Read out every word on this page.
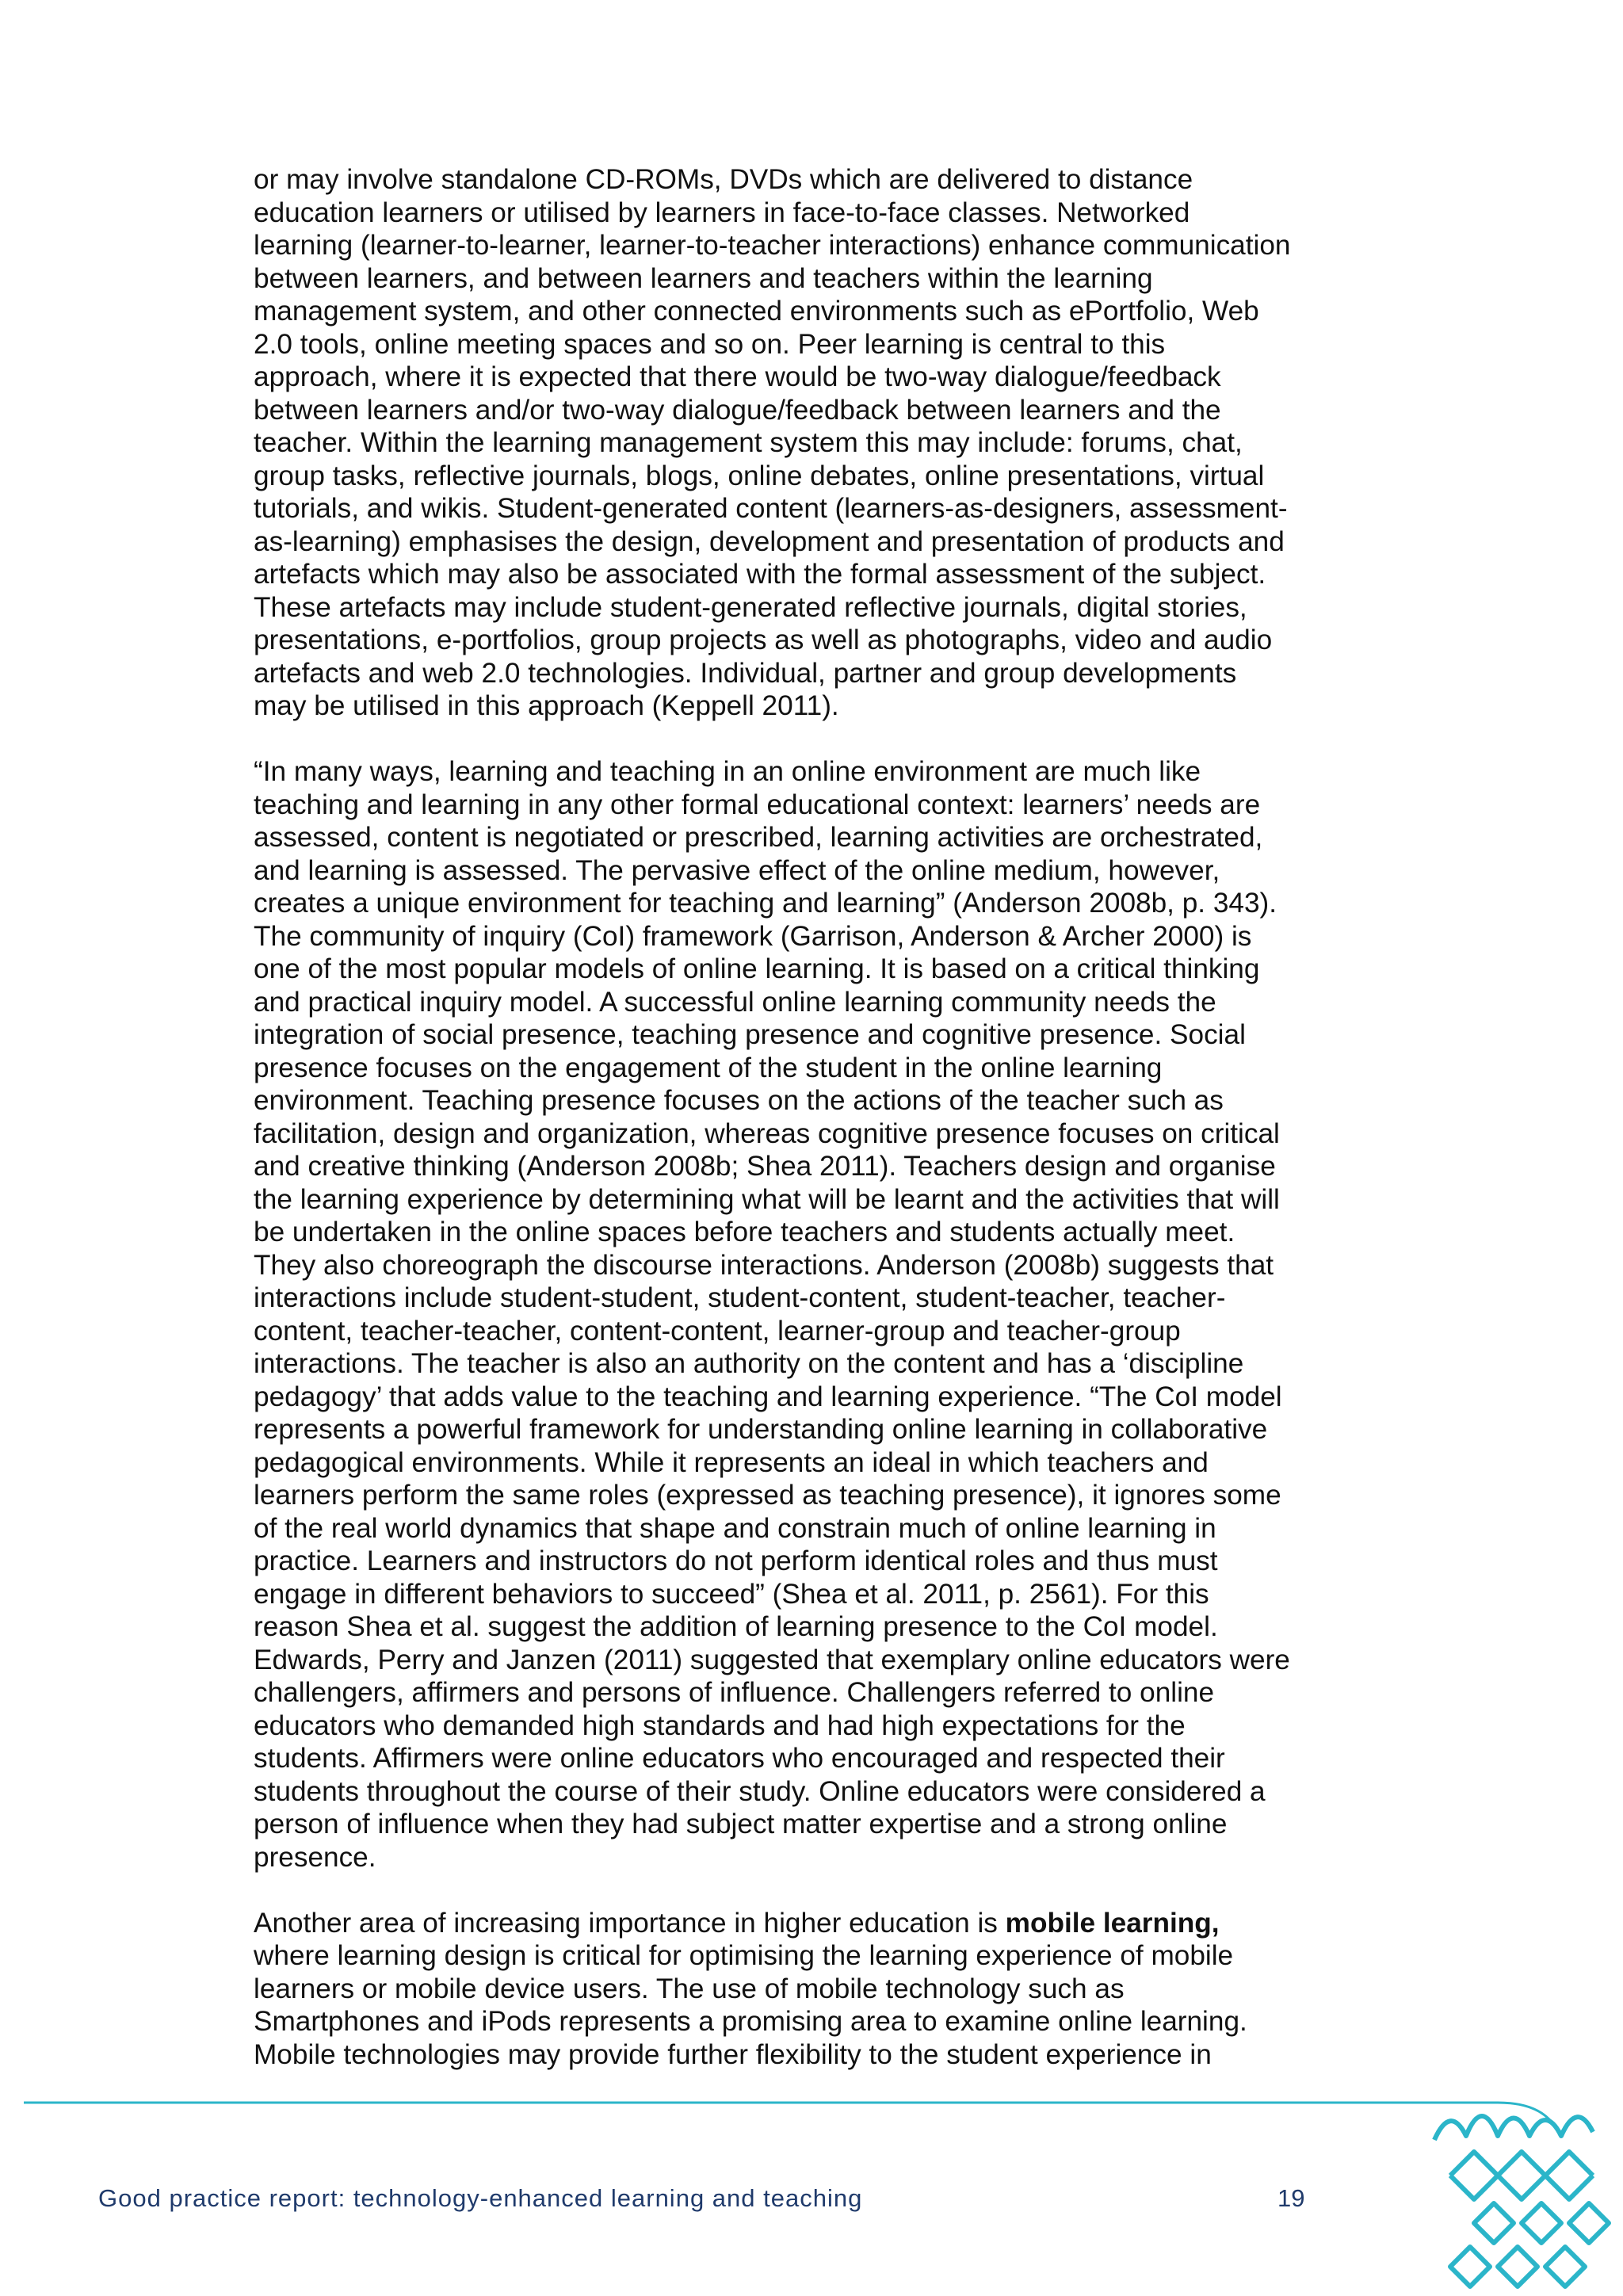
or may involve standalone CD-ROMs, DVDs which are delivered to distance
education learners or utilised by learners in face-to-face classes. Networked
learning (learner-to-learner, learner-to-teacher interactions) enhance communication
between learners, and between learners and teachers within the learning
management system, and other connected environments such as ePortfolio, Web
2.0 tools, online meeting spaces and so on. Peer learning is central to this
approach, where it is expected that there would be two-way dialogue/feedback
between learners and/or two-way dialogue/feedback between learners and the
teacher. Within the learning management system this may include: forums, chat,
group tasks, reflective journals, blogs, online debates, online presentations, virtual
tutorials, and wikis. Student-generated content (learners-as-designers, assessment-
as-learning) emphasises the design, development and presentation of products and
artefacts which may also be associated with the formal assessment of the subject.
These artefacts may include student-generated reflective journals, digital stories,
presentations, e-portfolios, group projects as well as photographs, video and audio
artefacts and web 2.0 technologies. Individual, partner and group developments
may be utilised in this approach (Keppell 2011).

“In many ways, learning and teaching in an online environment are much like
teaching and learning in any other formal educational context: learners’ needs are
assessed, content is negotiated or prescribed, learning activities are orchestrated,
and learning is assessed. The pervasive effect of the online medium, however,
creates a unique environment for teaching and learning” (Anderson 2008b, p. 343).
The community of inquiry (CoI) framework (Garrison, Anderson & Archer 2000) is
one of the most popular models of online learning. It is based on a critical thinking
and practical inquiry model. A successful online learning community needs the
integration of social presence, teaching presence and cognitive presence. Social
presence focuses on the engagement of the student in the online learning
environment. Teaching presence focuses on the actions of the teacher such as
facilitation, design and organization, whereas cognitive presence focuses on critical
and creative thinking (Anderson 2008b; Shea 2011). Teachers design and organise
the learning experience by determining what will be learnt and the activities that will
be undertaken in the online spaces before teachers and students actually meet.
They also choreograph the discourse interactions. Anderson (2008b) suggests that
interactions include student-student, student-content, student-teacher, teacher-
content, teacher-teacher, content-content, learner-group and teacher-group
interactions. The teacher is also an authority on the content and has a ‘discipline
pedagogy’ that adds value to the teaching and learning experience. “The CoI model
represents a powerful framework for understanding online learning in collaborative
pedagogical environments. While it represents an ideal in which teachers and
learners perform the same roles (expressed as teaching presence), it ignores some
of the real world dynamics that shape and constrain much of online learning in
practice. Learners and instructors do not perform identical roles and thus must
engage in different behaviors to succeed” (Shea et al. 2011, p. 2561). For this
reason Shea et al. suggest the addition of learning presence to the CoI model.
Edwards, Perry and Janzen (2011) suggested that exemplary online educators were
challengers, affirmers and persons of influence. Challengers referred to online
educators who demanded high standards and had high expectations for the
students. Affirmers were online educators who encouraged and respected their
students throughout the course of their study. Online educators were considered a
person of influence when they had subject matter expertise and a strong online
presence.

Another area of increasing importance in higher education is mobile learning,
where learning design is critical for optimising the learning experience of mobile
learners or mobile device users. The use of mobile technology such as
Smartphones and iPods represents a promising area to examine online learning.
Mobile technologies may provide further flexibility to the student experience in

Good practice report: technology-enhanced learning and teaching	19
